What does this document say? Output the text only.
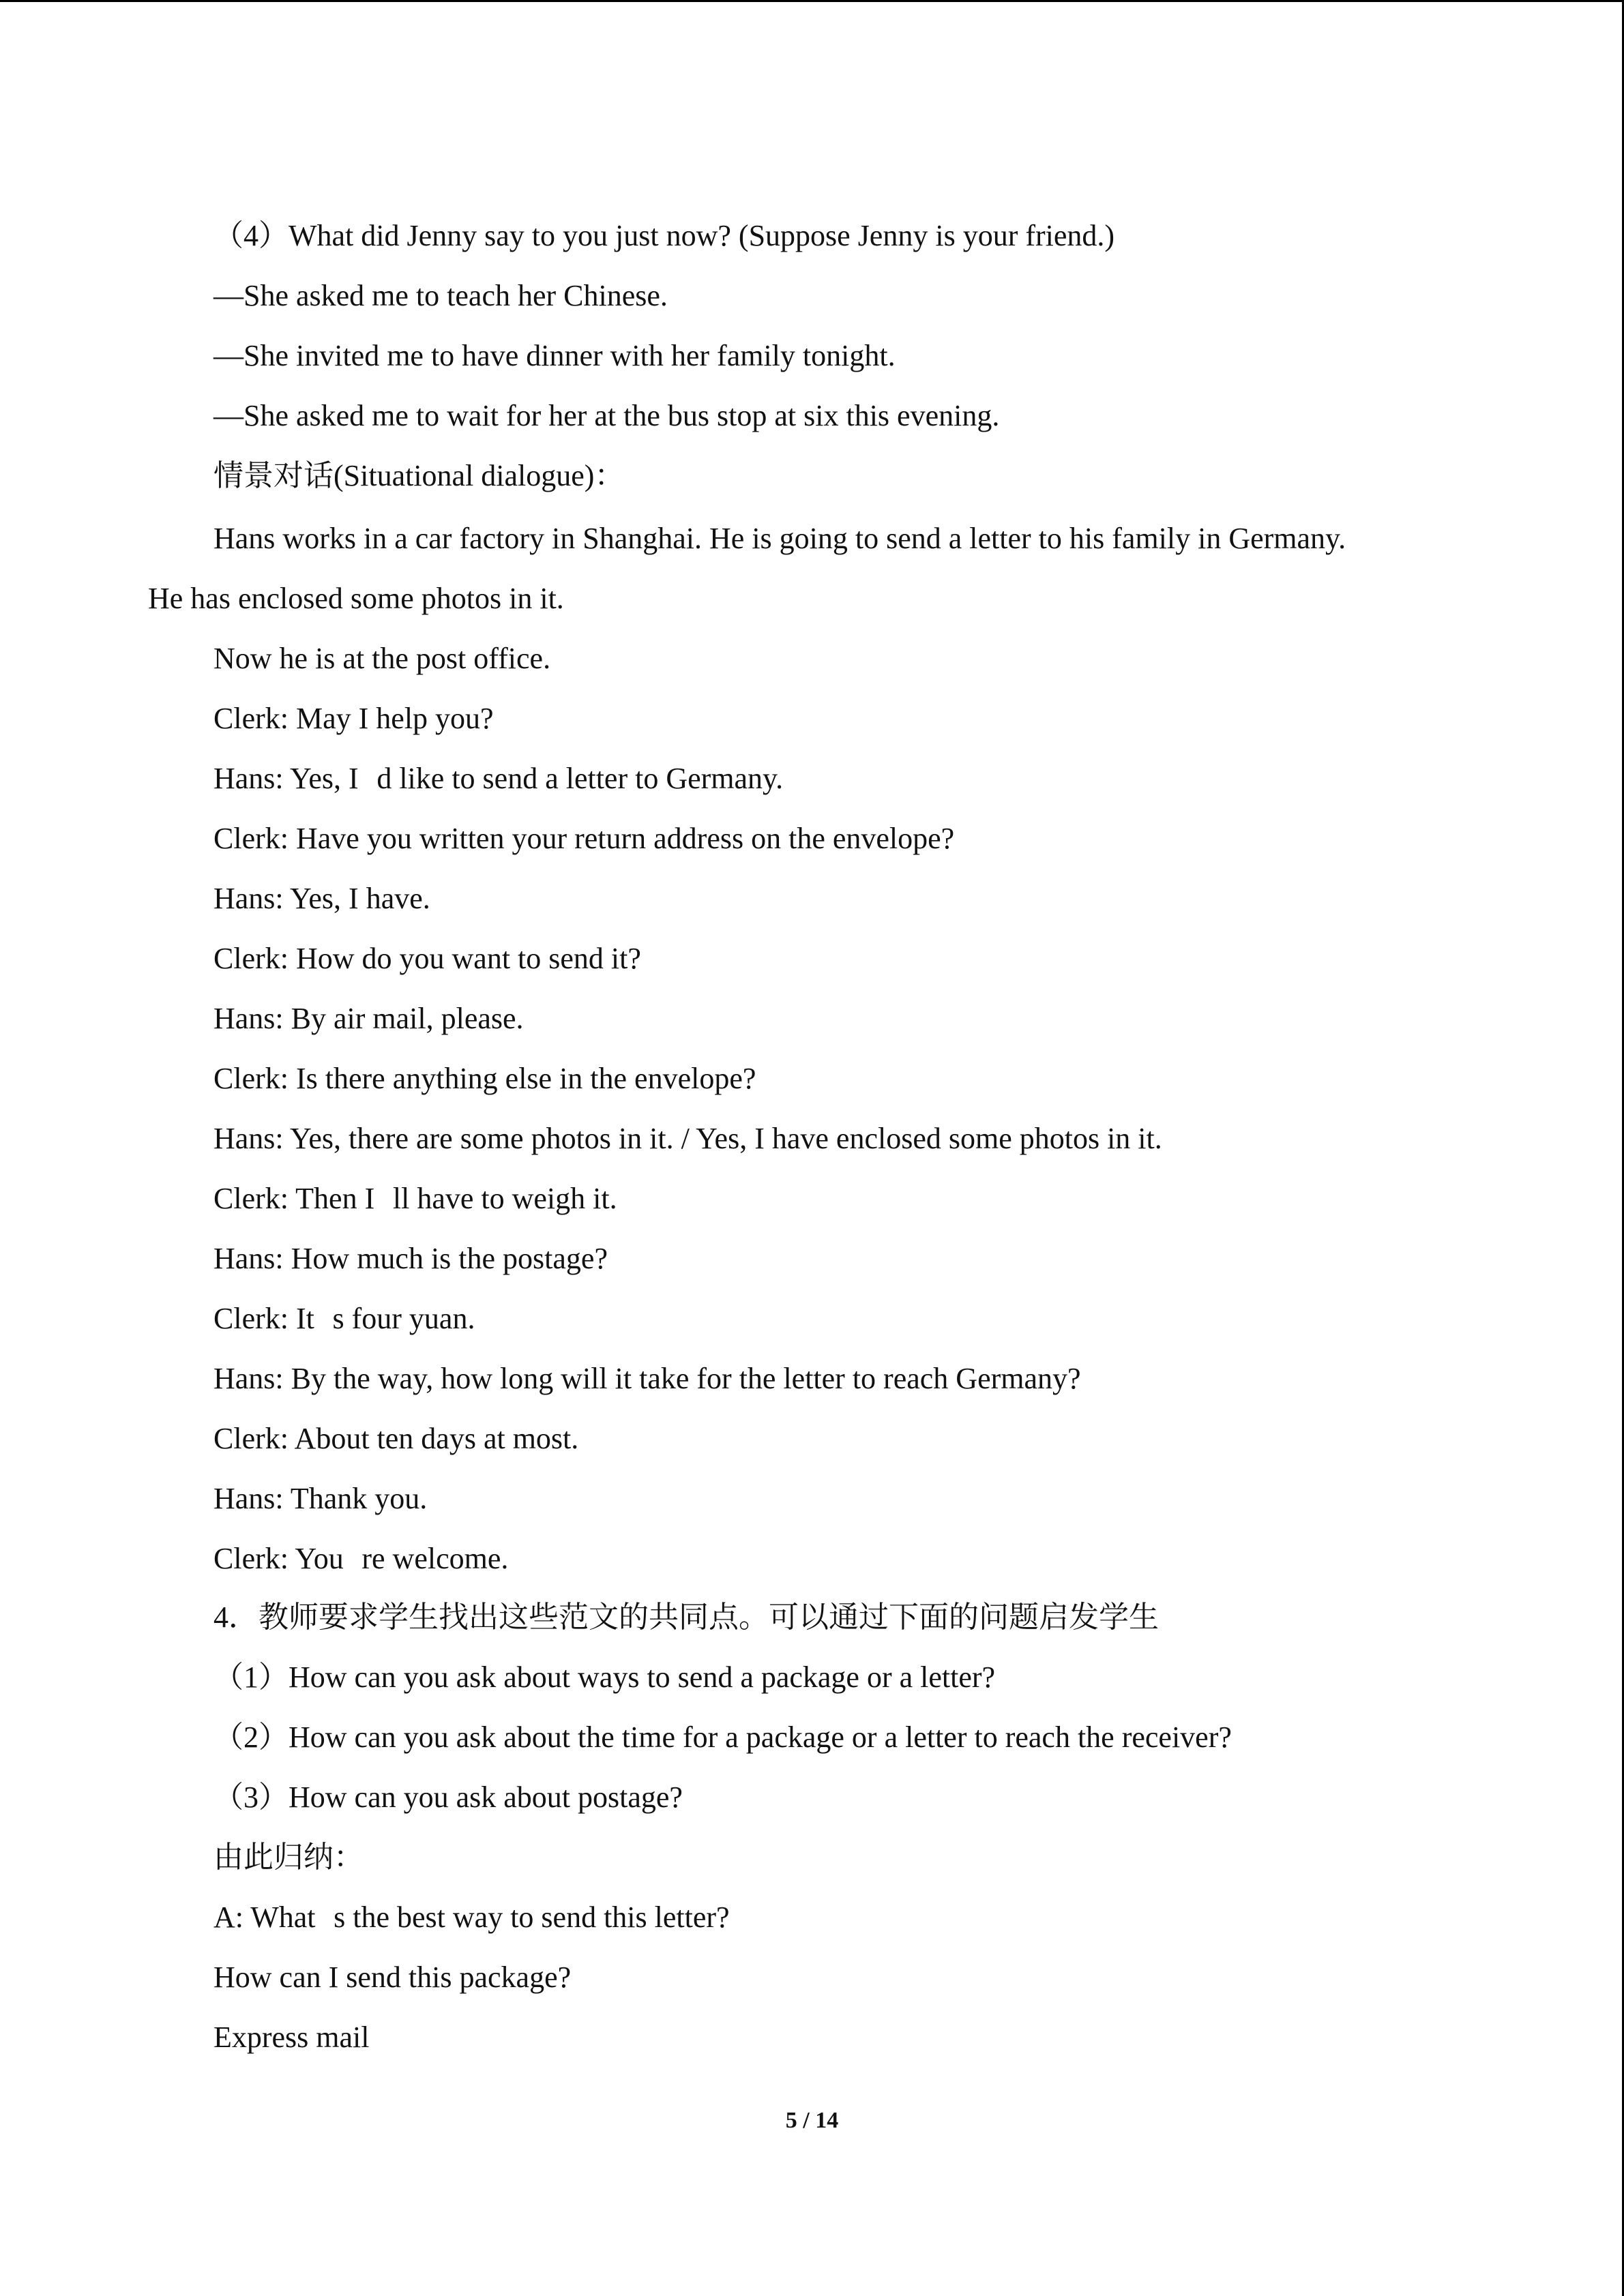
（4）What did Jenny say to you just now? (Suppose Jenny is your friend.)
—She asked me to teach her Chinese.
—She invited me to have dinner with her family tonight.
—She asked me to wait for her at the bus stop at six this evening.
情景对话(Situational dialogue)：
Hans works in a car factory in Shanghai. He is going to send a letter to his family in Germany.
He has enclosed some photos in it.
Now he is at the post office.
Clerk: May I help you?
Hans: Yes, Id like to send a letter to Germany.
Clerk: Have you written your return address on the envelope?
Hans: Yes, I have.
Clerk: How do you want to send it?
Hans: By air mail, please.
Clerk: Is there anything else in the envelope?
Hans: Yes, there are some photos in it. / Yes, I have enclosed some photos in it.
Clerk: Then Ill have to weigh it.
Hans: How much is the postage?
Clerk: Its four yuan.
Hans: By the way, how long will it take for the letter to reach Germany?
Clerk: About ten days at most.
Hans: Thank you.
Clerk: Youre welcome.
4．教师要求学生找出这些范文的共同点。可以通过下面的问题启发学生
（1）How can you ask about ways to send a package or a letter?
（2）How can you ask about the time for a package or a letter to reach the receiver?
（3）How can you ask about postage?
由此归纳：
A: Whats the best way to send this letter?
How can I send this package?
Express mail
5 / 14
